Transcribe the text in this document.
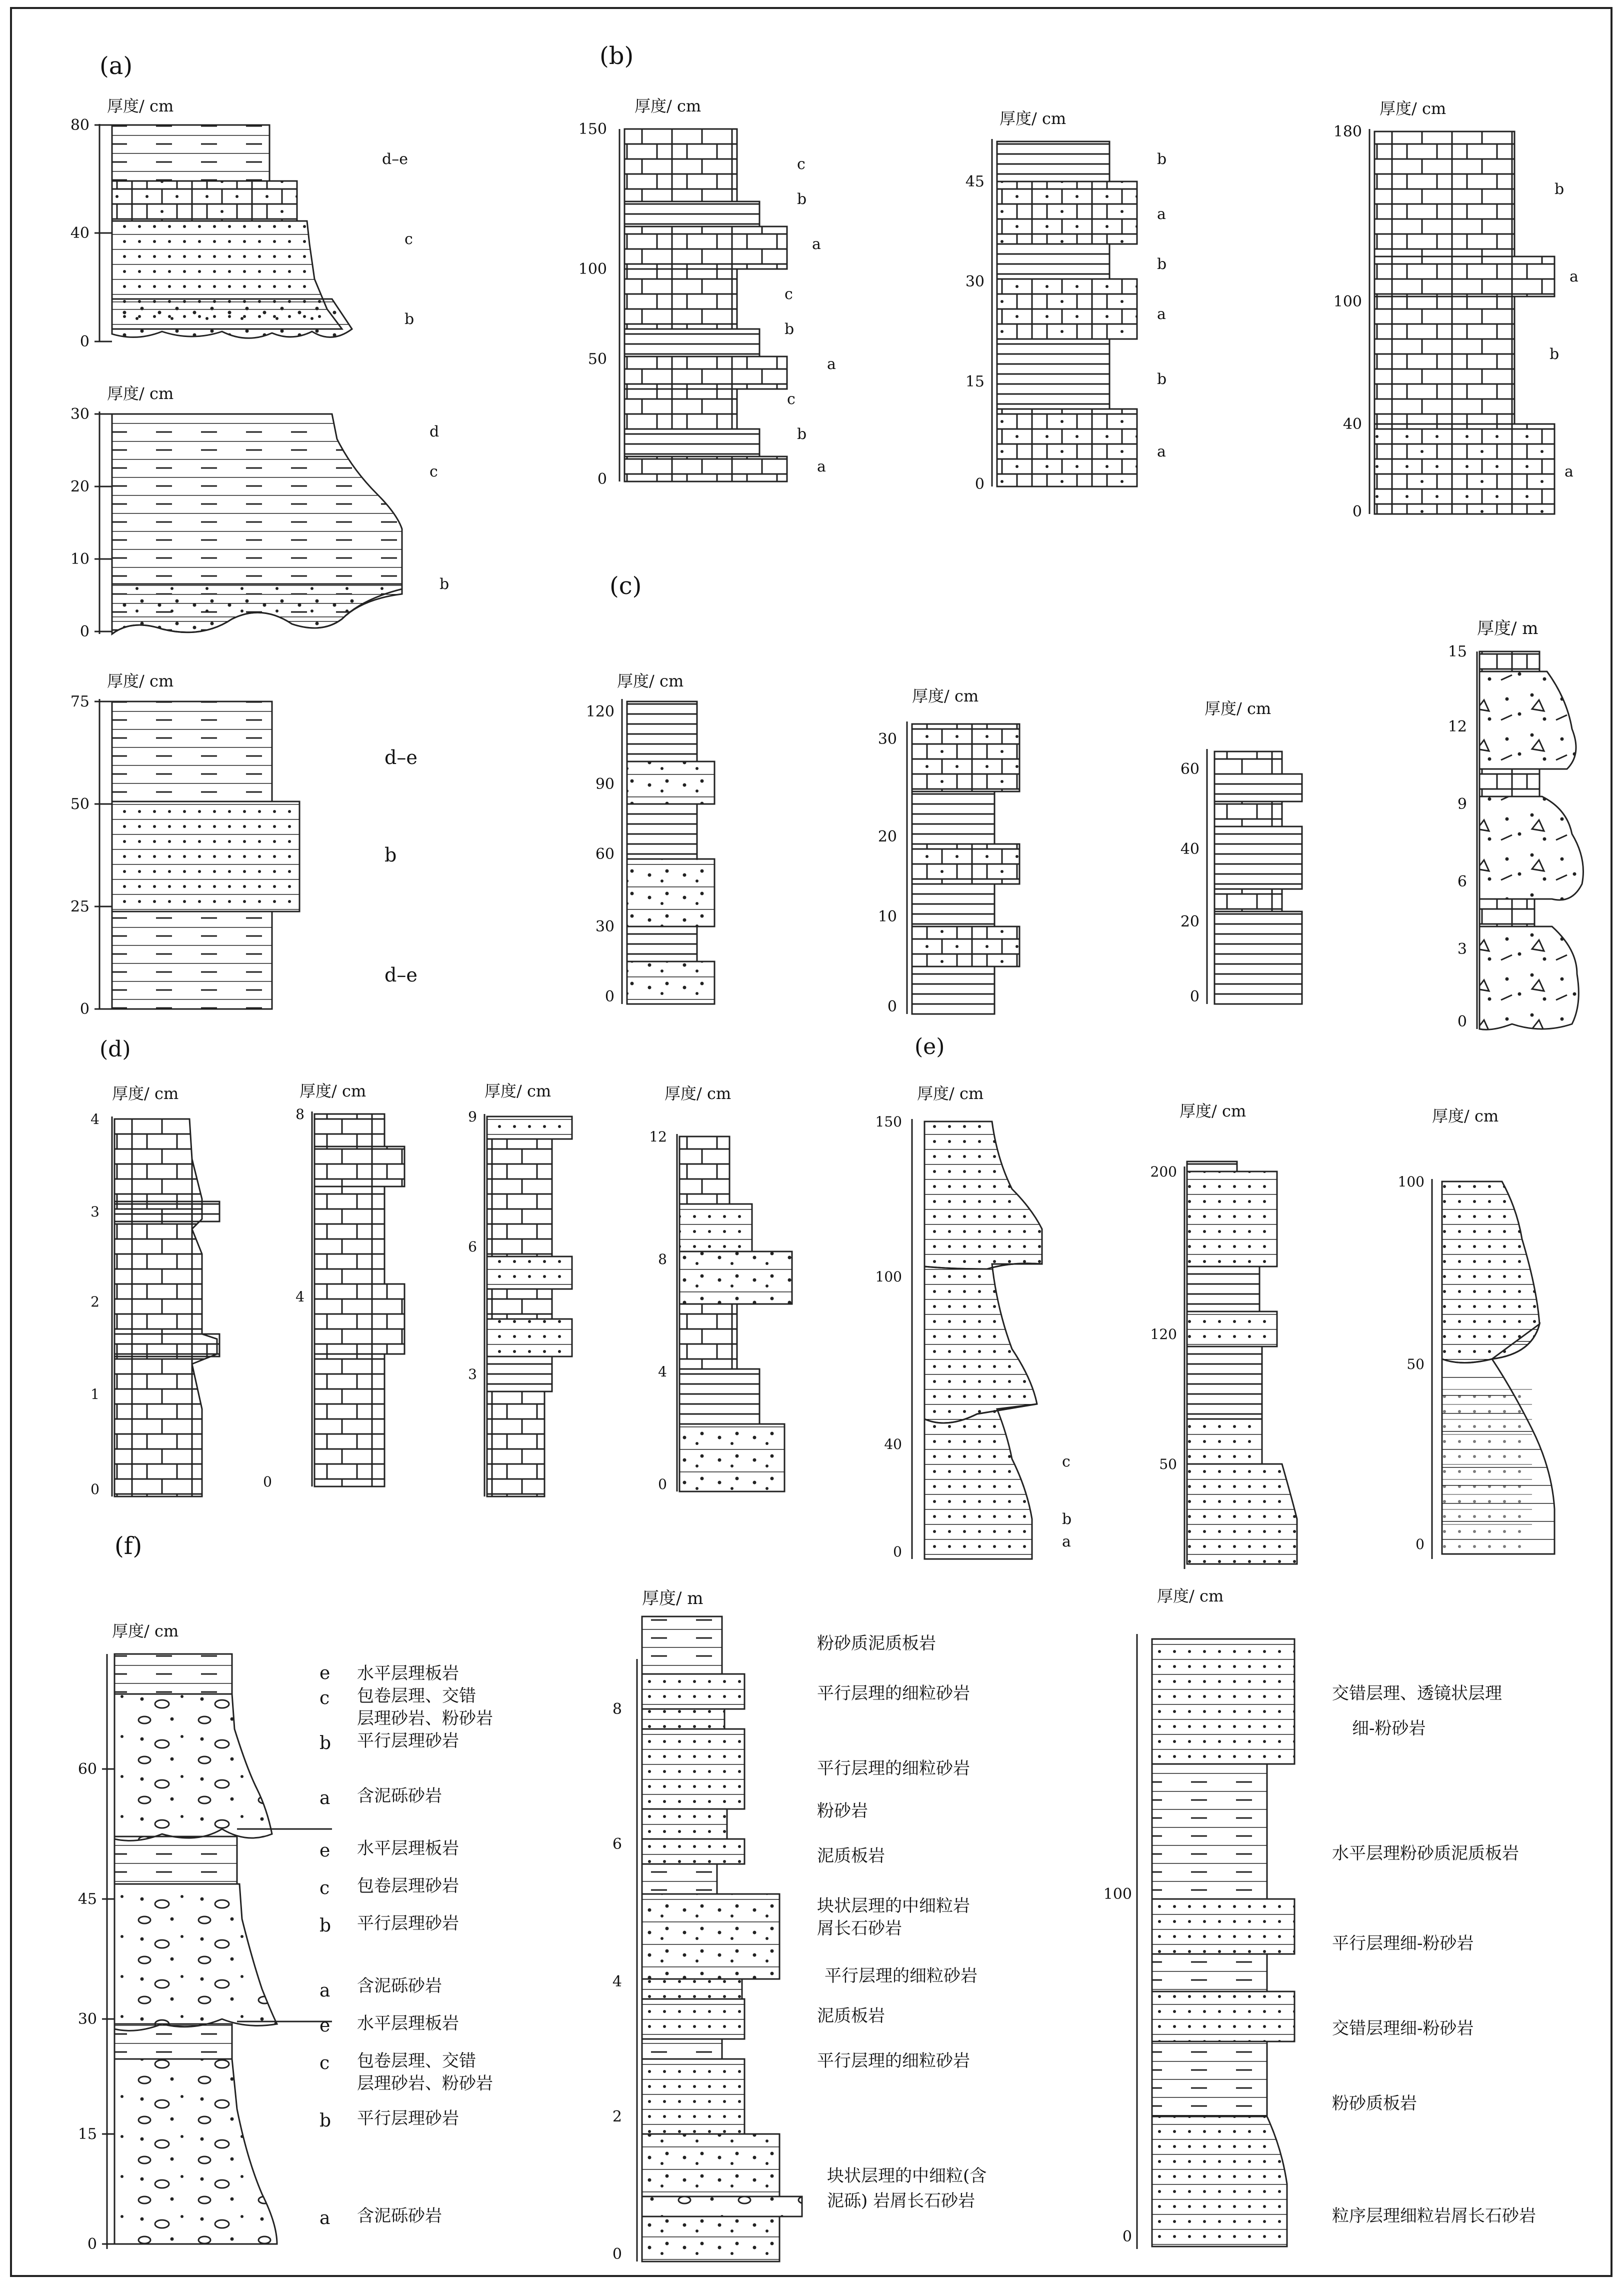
(a)	(b)
(c)
(d)	(e)
(f)
厚度/ cm
80
40
0
d–e
c
b
厚度/ cm
30
20
10
0
d
c
b
厚度/ cm
75
50
25
0
d–e
b
d–e
厚度/ cm
150
100
50
0
c
b
a
c
b
a
c
b
a
厚度/ cm
45
30
15
0
b
a
b
a
b
a
厚度/ cm
180
100
40
0
b
a
b
a
厚度/ cm
120
90
60
30
0
厚度/ cm
30
20
10
0
厚度/ cm
60
40
20
0
厚度/ m
15
12
9
6
3
0
厚度/ cm
4
3
2
1
0
厚度/ cm
8
4
0
厚度/ cm
9
6
3
厚度/ cm
12
8
4
0
厚度/ cm
150
100
40
0
c
b
a
厚度/ cm
200
120
50
厚度/ cm
100
50
0
厚度/ cm
60
45
30
15
0
e 水平层理板岩
c 包卷层理、交错
层理砂岩、粉砂岩
b 平行层理砂岩
a 含泥砾砂岩
e 水平层理板岩
c 包卷层理砂岩
b 平行层理砂岩
a 含泥砾砂岩
e 水平层理板岩
c 包卷层理、交错
层理砂岩、粉砂岩
b 平行层理砂岩
a 含泥砾砂岩
厚度/ m
8
6
4
2
0
粉砂质泥质板岩
平行层理的细粒砂岩
平行层理的细粒砂岩
粉砂岩
泥质板岩
块状层理的中细粒岩
屑长石砂岩
平行层理的细粒砂岩
泥质板岩
平行层理的细粒砂岩
块状层理的中细粒(含
泥砾) 岩屑长石砂岩
厚度/ cm
100
0
交错层理、透镜状层理
细-粉砂岩
水平层理粉砂质泥质板岩
平行层理细-粉砂岩
交错层理细-粉砂岩
粉砂质板岩
粒序层理细粒岩屑长石砂岩
